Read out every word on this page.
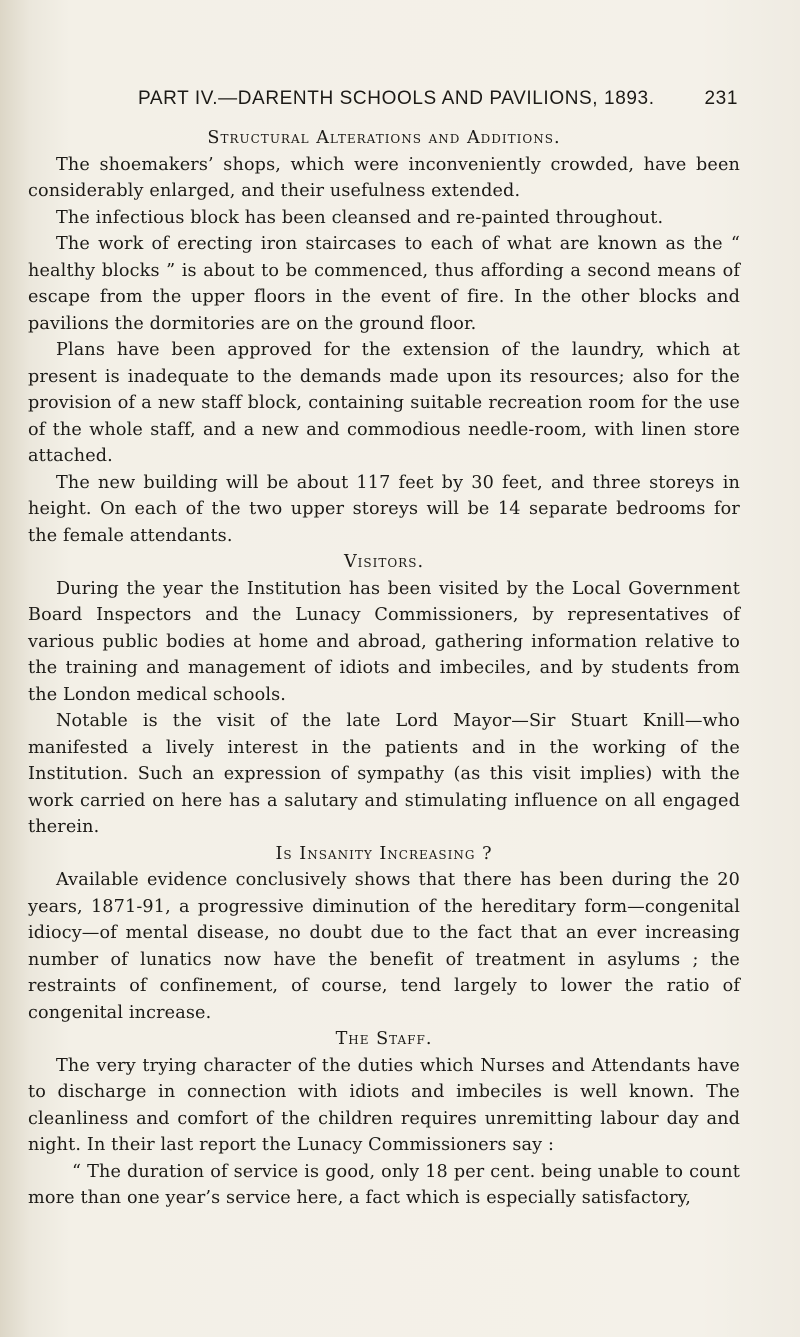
PART IV.—DARENTH SCHOOLS AND PAVILIONS, 1893.	231

Structural Alterations and Additions.

The shoemakers’ shops, which were inconveniently crowded, have been considerably enlarged, and their usefulness extended.

The infectious block has been cleansed and re-painted throughout.

The work of erecting iron staircases to each of what are known as the “ healthy blocks ” is about to be commenced, thus affording a second means of escape from the upper floors in the event of fire. In the other blocks and pavilions the dormitories are on the ground floor.

Plans have been approved for the extension of the laundry, which at present is inadequate to the demands made upon its resources; also for the provision of a new staff block, containing suitable recreation room for the use of the whole staff, and a new and commodious needle-room, with linen store attached.

The new building will be about 117 feet by 30 feet, and three storeys in height. On each of the two upper storeys will be 14 separate bedrooms for the female attendants.

Visitors.

During the year the Institution has been visited by the Local Government Board Inspectors and the Lunacy Commissioners, by representatives of various public bodies at home and abroad, gathering information relative to the training and management of idiots and imbeciles, and by students from the London medical schools.

Notable is the visit of the late Lord Mayor—Sir Stuart Knill—who manifested a lively interest in the patients and in the working of the Institution. Such an expression of sympathy (as this visit implies) with the work carried on here has a salutary and stimulating influence on all engaged therein.

Is Insanity Increasing ?

Available evidence conclusively shows that there has been during the 20 years, 1871-91, a progressive diminution of the hereditary form—congenital idiocy—of mental disease, no doubt due to the fact that an ever increasing number of lunatics now have the benefit of treatment in asylums ; the restraints of confinement, of course, tend largely to lower the ratio of congenital increase.

The Staff.

The very trying character of the duties which Nurses and Attendants have to discharge in connection with idiots and imbeciles is well known. The cleanliness and comfort of the children requires unremitting labour day and night. In their last report the Lunacy Commissioners say :

“ The duration of service is good, only 18 per cent. being unable to count more than one year’s service here, a fact which is especially satisfactory,
